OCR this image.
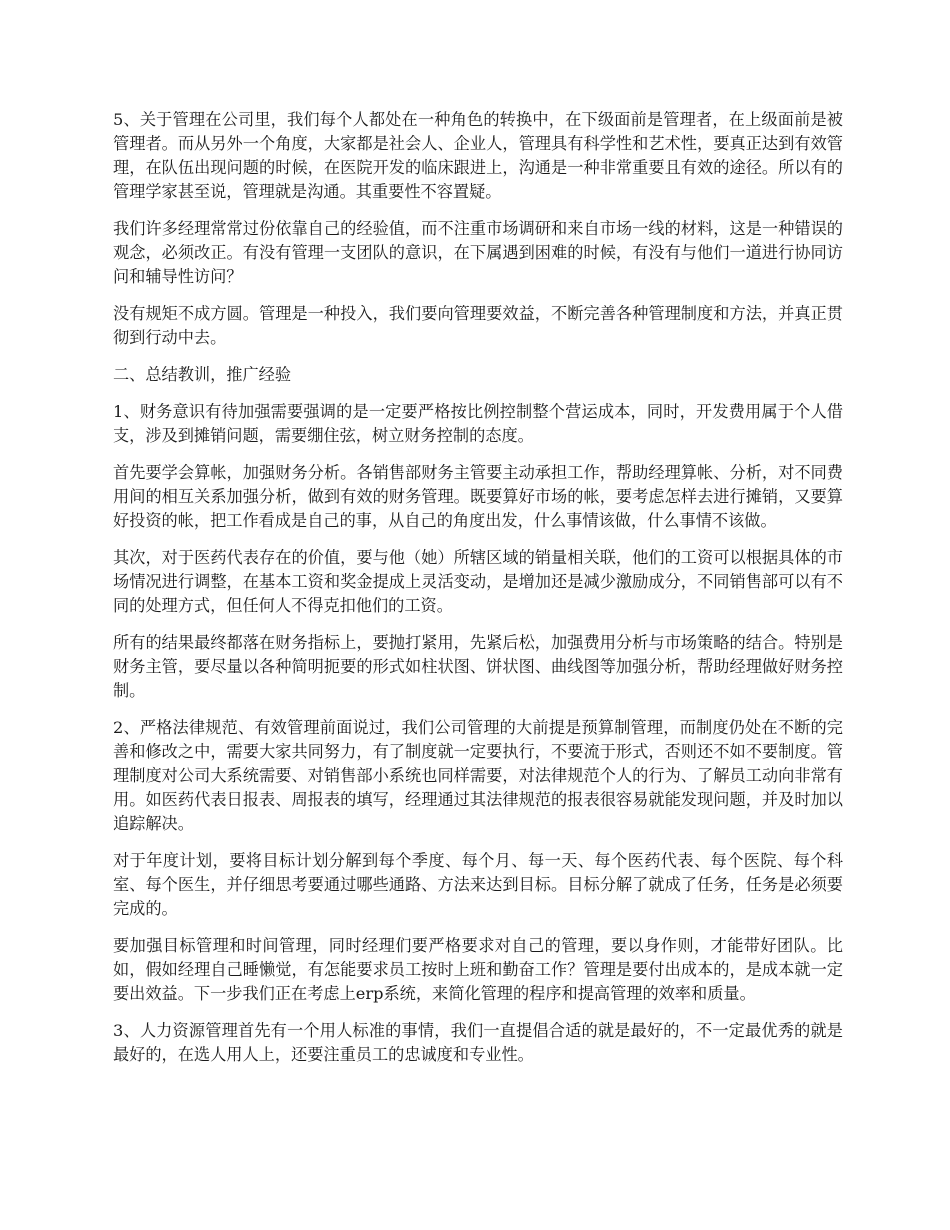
5、关于管理在公司里，我们每个人都处在一种角色的转换中，在下级面前是管理者，在上级面前是被管理者。而从另外一个角度，大家都是社会人、企业人，管理具有科学性和艺术性，要真正达到有效管理，在队伍出现问题的时候，在医院开发的临床跟进上，沟通是一种非常重要且有效的途径。所以有的管理学家甚至说，管理就是沟通。其重要性不容置疑。

我们许多经理常常过份依靠自己的经验值，而不注重市场调研和来自市场一线的材料，这是一种错误的观念，必须改正。有没有管理一支团队的意识，在下属遇到困难的时候，有没有与他们一道进行协同访问和辅导性访问？

没有规矩不成方圆。管理是一种投入，我们要向管理要效益，不断完善各种管理制度和方法，并真正贯彻到行动中去。

二、总结教训，推广经验

1、财务意识有待加强需要强调的是一定要严格按比例控制整个营运成本，同时，开发费用属于个人借支，涉及到摊销问题，需要绷住弦，树立财务控制的态度。

首先要学会算帐，加强财务分析。各销售部财务主管要主动承担工作，帮助经理算帐、分析，对不同费用间的相互关系加强分析，做到有效的财务管理。既要算好市场的帐，要考虑怎样去进行摊销，又要算好投资的帐，把工作看成是自己的事，从自己的角度出发，什么事情该做，什么事情不该做。

其次，对于医药代表存在的价值，要与他（她）所辖区域的销量相关联，他们的工资可以根据具体的市场情况进行调整，在基本工资和奖金提成上灵活变动，是增加还是减少激励成分，不同销售部可以有不同的处理方式，但任何人不得克扣他们的工资。

所有的结果最终都落在财务指标上，要抛打紧用，先紧后松，加强费用分析与市场策略的结合。特别是财务主管，要尽量以各种简明扼要的形式如柱状图、饼状图、曲线图等加强分析，帮助经理做好财务控制。

2、严格法律规范、有效管理前面说过，我们公司管理的大前提是预算制管理，而制度仍处在不断的完善和修改之中，需要大家共同努力，有了制度就一定要执行，不要流于形式，否则还不如不要制度。管理制度对公司大系统需要、对销售部小系统也同样需要，对法律规范个人的行为、了解员工动向非常有用。如医药代表日报表、周报表的填写，经理通过其法律规范的报表很容易就能发现问题，并及时加以追踪解决。

对于年度计划，要将目标计划分解到每个季度、每个月、每一天、每个医药代表、每个医院、每个科室、每个医生，并仔细思考要通过哪些通路、方法来达到目标。目标分解了就成了任务，任务是必须要完成的。

要加强目标管理和时间管理，同时经理们要严格要求对自己的管理，要以身作则，才能带好团队。比如，假如经理自己睡懒觉，有怎能要求员工按时上班和勤奋工作？管理是要付出成本的，是成本就一定要出效益。下一步我们正在考虑上erp系统，来简化管理的程序和提高管理的效率和质量。

3、人力资源管理首先有一个用人标准的事情，我们一直提倡合适的就是最好的，不一定最优秀的就是最好的，在选人用人上，还要注重员工的忠诚度和专业性。
